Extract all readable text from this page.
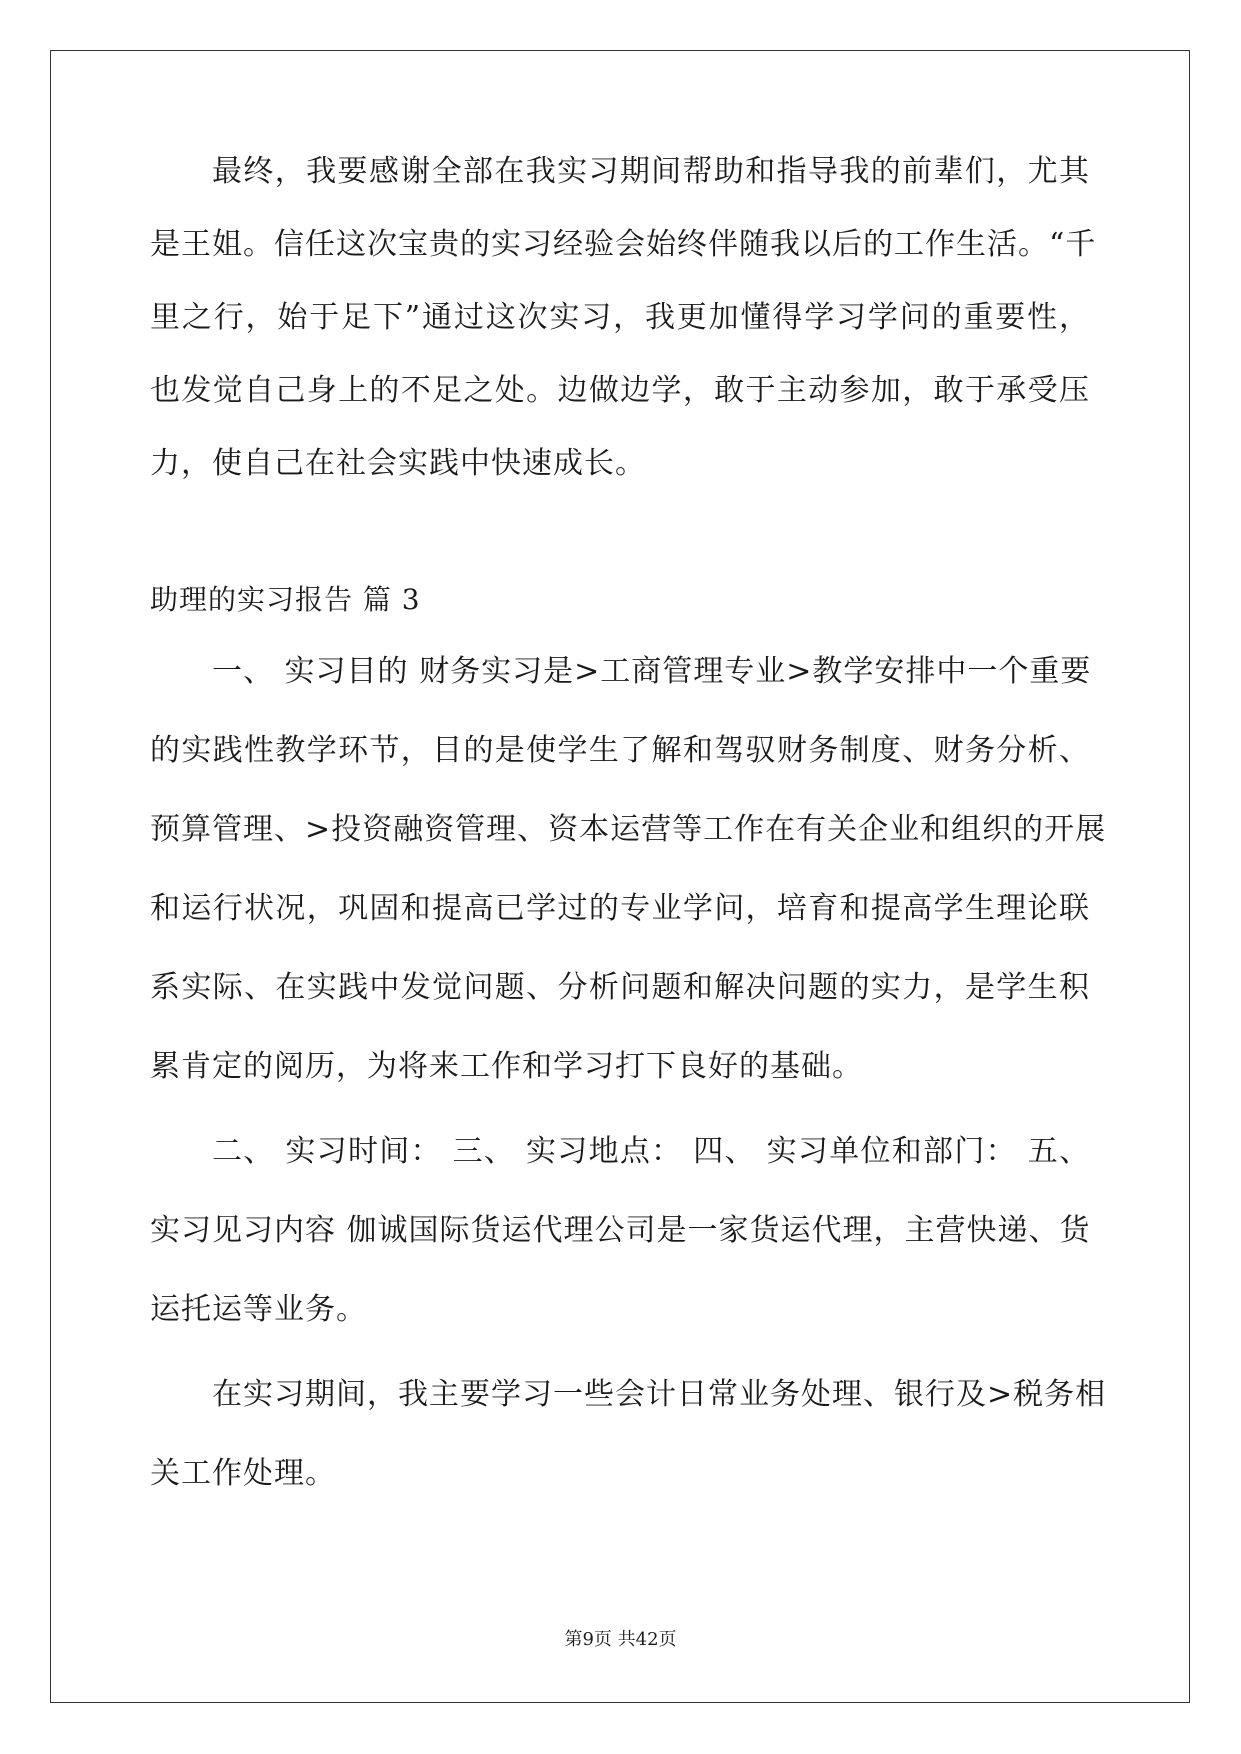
最终，我要感谢全部在我实习期间帮助和指导我的前辈们，尤其
是王姐。信任这次宝贵的实习经验会始终伴随我以后的工作生活。“千
里之行，始于足下”通过这次实习，我更加懂得学习学问的重要性，
也发觉自己身上的不足之处。边做边学，敢于主动参加，敢于承受压
力，使自己在社会实践中快速成长。
助理的实习报告 篇 3
一、 实习目的 财务实习是>工商管理专业>教学安排中一个重要
的实践性教学环节，目的是使学生了解和驾驭财务制度、财务分析、
预算管理、>投资融资管理、资本运营等工作在有关企业和组织的开展
和运行状况，巩固和提高已学过的专业学问，培育和提高学生理论联
系实际、在实践中发觉问题、分析问题和解决问题的实力，是学生积
累肯定的阅历，为将来工作和学习打下良好的基础。
二、 实习时间： 三、 实习地点： 四、 实习单位和部门： 五、
实习见习内容 伽诚国际货运代理公司是一家货运代理，主营快递、货
运托运等业务。
在实习期间，我主要学习一些会计日常业务处理、银行及>税务相
关工作处理。
第9页 共42页
